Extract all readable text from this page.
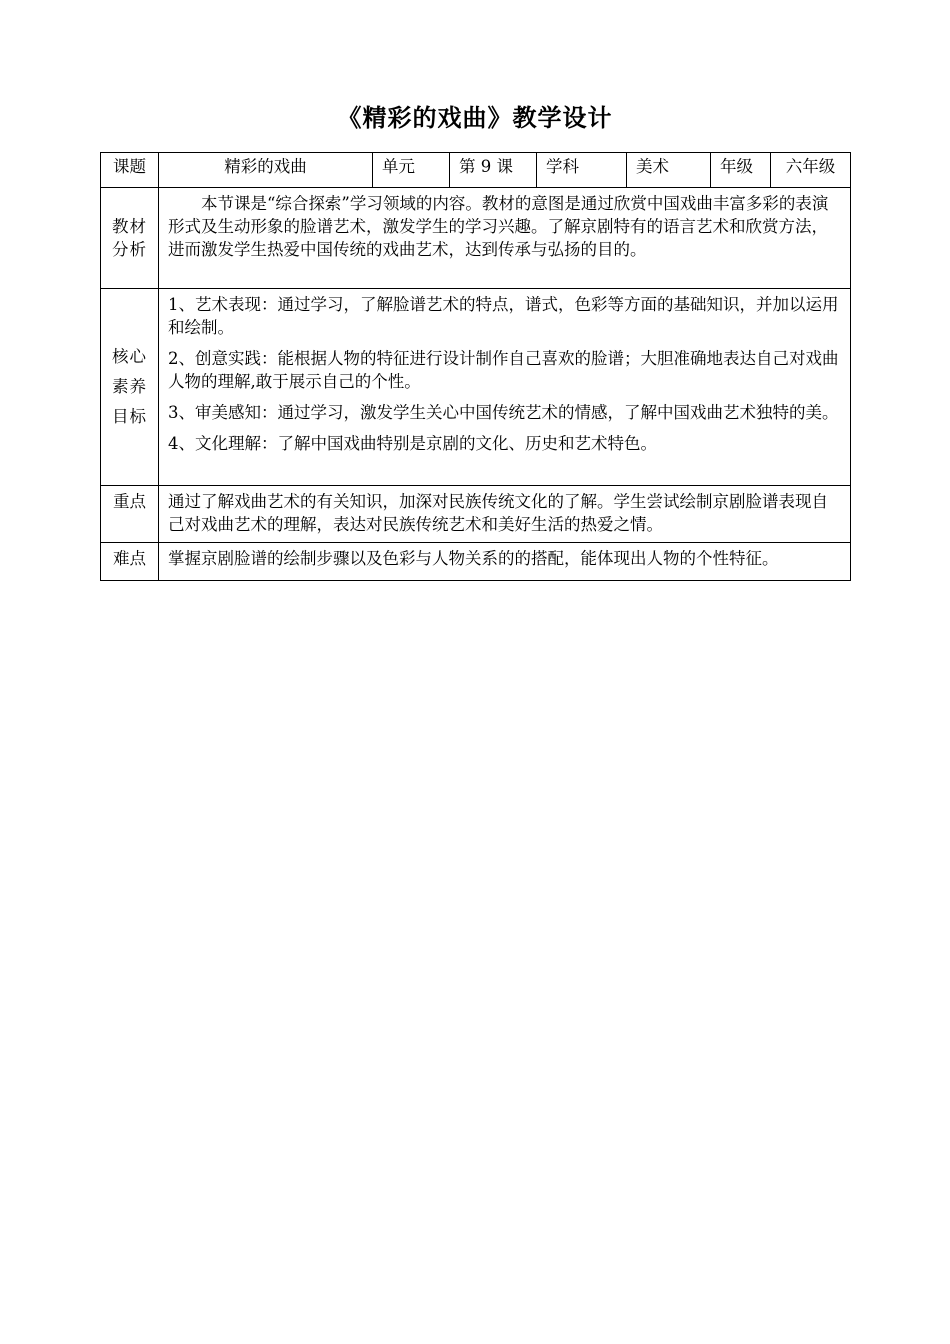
《精彩的戏曲》教学设计
课题	精彩的戏曲	单元	第 9 课	学科	美术	年级	六年级
教材分析	本节课是“综合探索”学习领域的内容。教材的意图是通过欣赏中国戏曲丰富多彩的表演形式及生动形象的脸谱艺术，激发学生的学习兴趣。了解京剧特有的语言艺术和欣赏方法，进而激发学生热爱中国传统的戏曲艺术，达到传承与弘扬的目的。						

核心素养目标	1、艺术表现：通过学习，了解脸谱艺术的特点，谱式，色彩等方面的基础知识，并加以运用和绘制。

2、创意实践：能根据人物的特征进行设计制作自己喜欢的脸谱；大胆准确地表达自己对戏曲人物的理解,敢于展示自己的个性。

3、审美感知：通过学习，激发学生关心中国传统艺术的情感，了解中国戏曲艺术独特的美。

4、文化理解：了解中国戏曲特别是京剧的文化、历史和艺术特色。						

重点	通过了解戏曲艺术的有关知识，加深对民族传统文化的了解。学生尝试绘制京剧脸谱表现自己对戏曲艺术的理解，表达对民族传统艺术和美好生活的热爱之情。						
难点	掌握京剧脸谱的绘制步骤以及色彩与人物关系的的搭配，能体现出人物的个性特征。						
